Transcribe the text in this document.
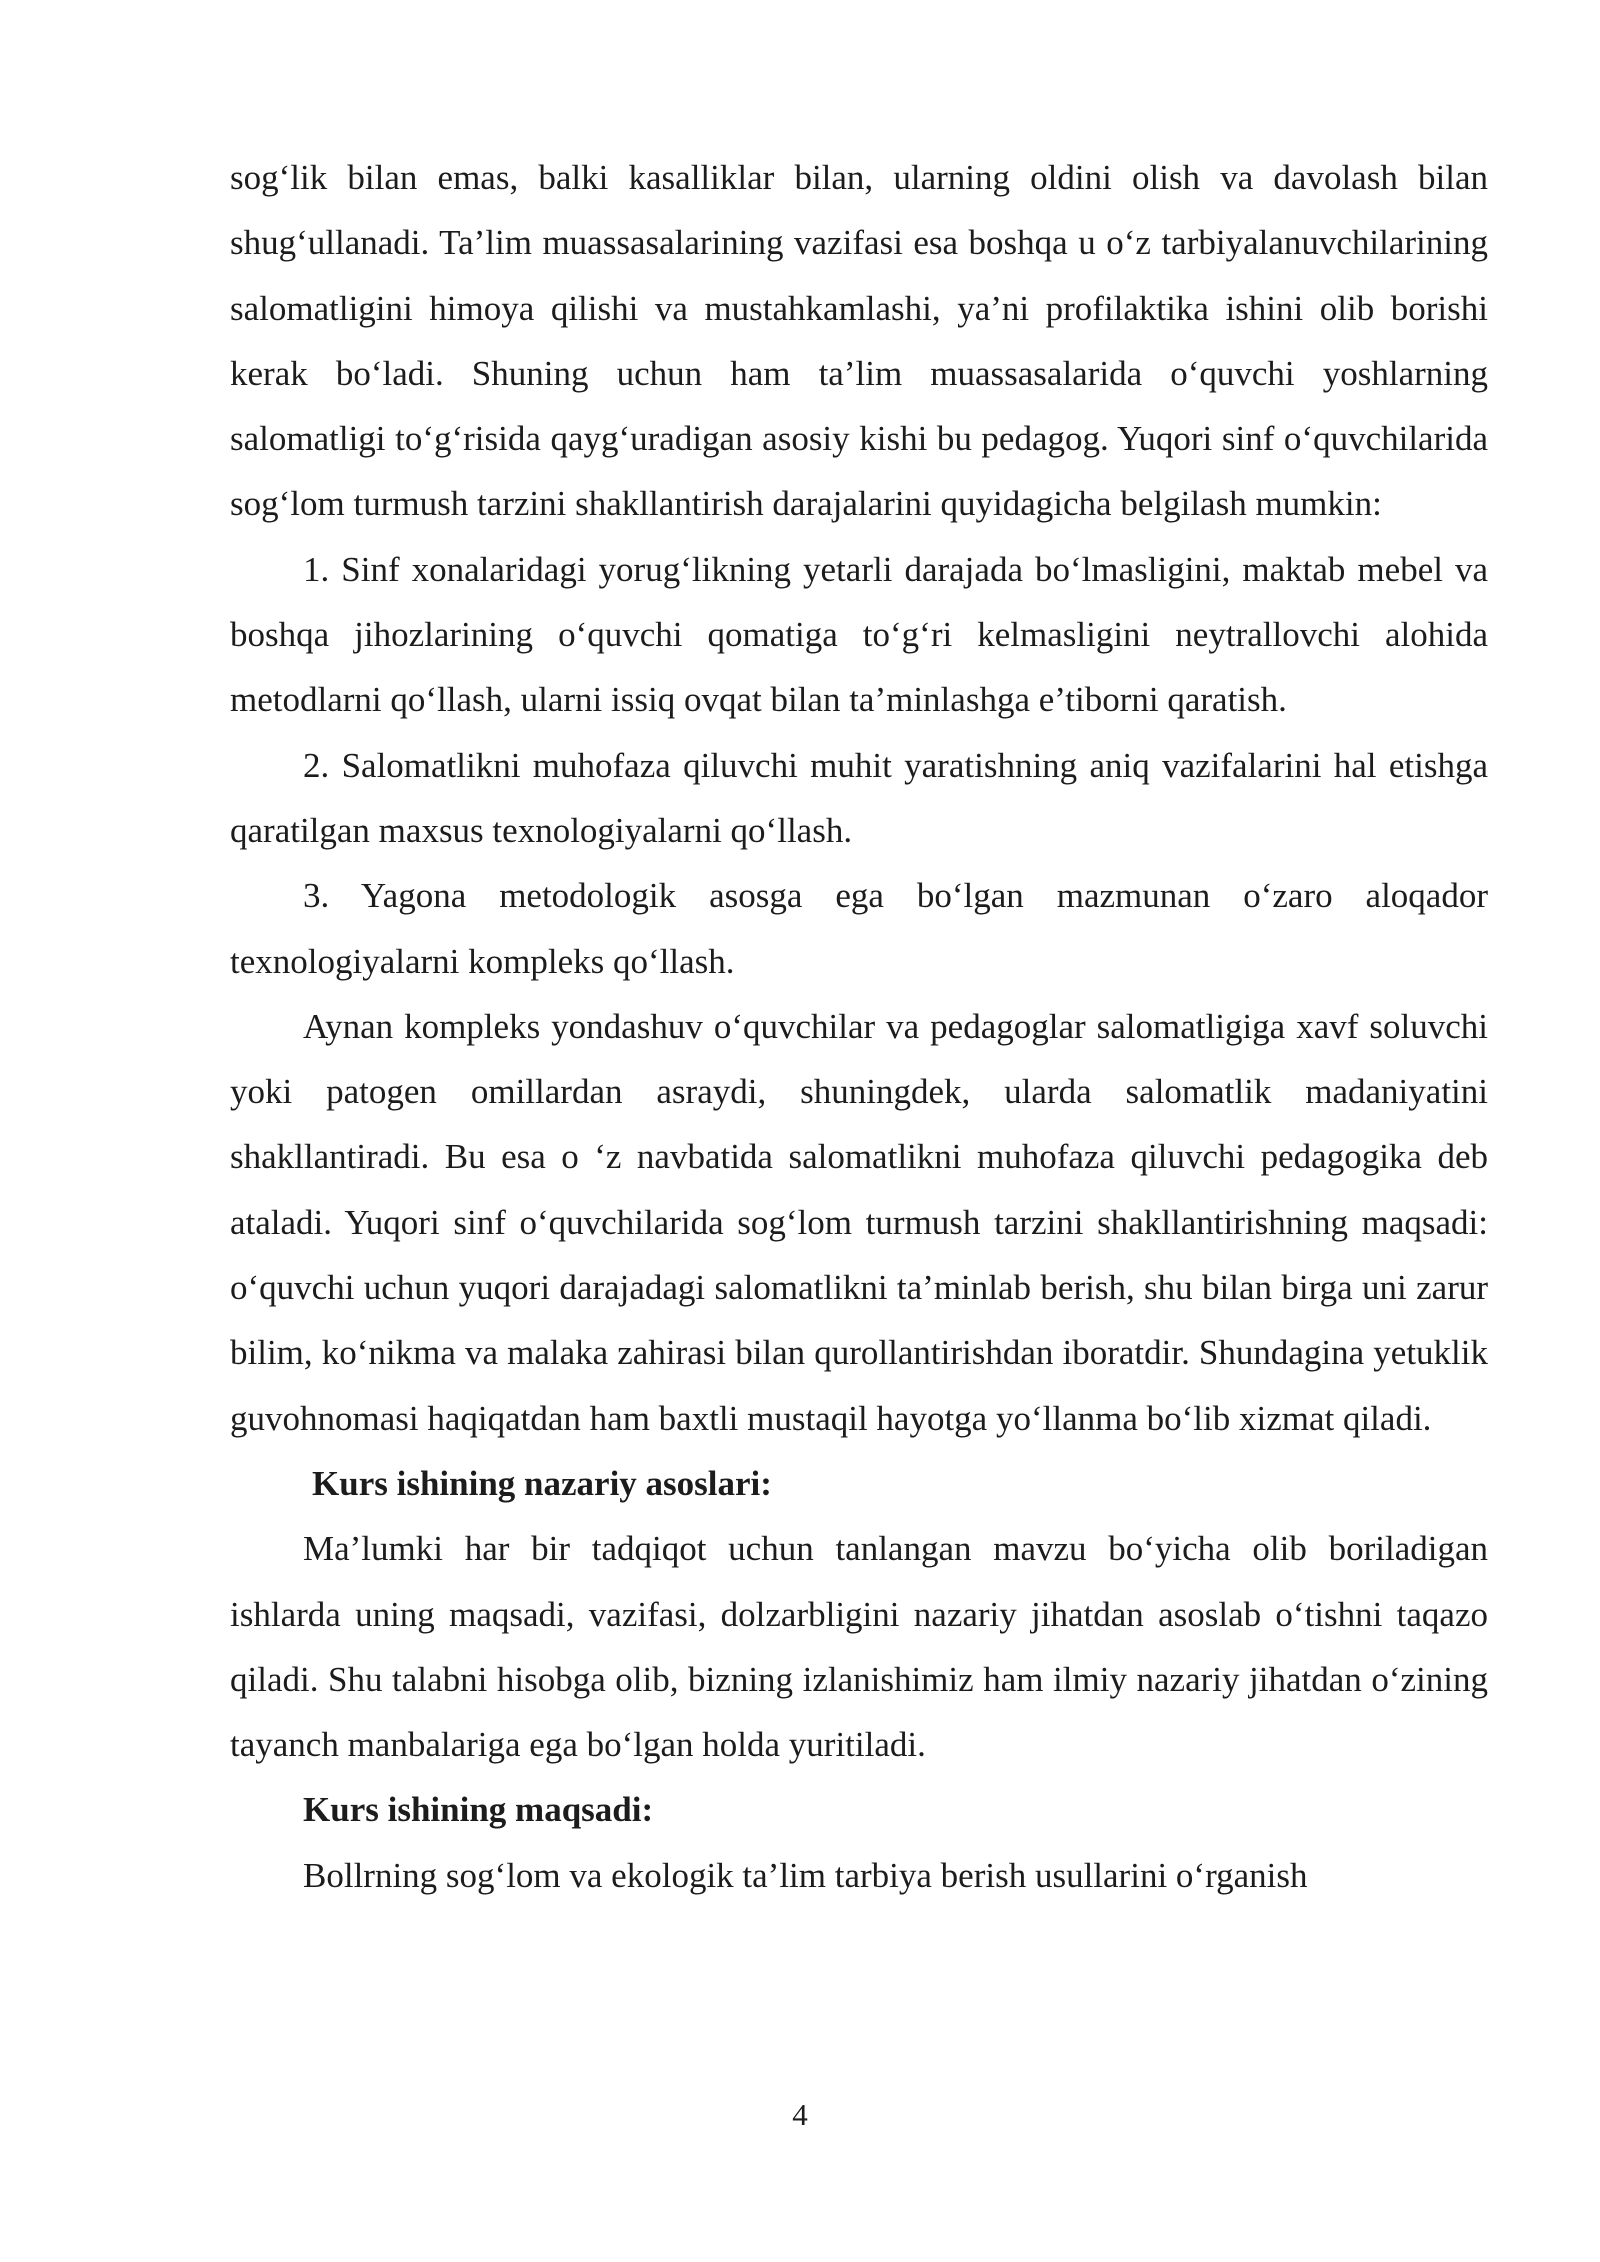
sog‘lik bilan emas, balki kasalliklar bilan, ularning oldini olish va davolash bilan shug‘ullanadi. Ta’lim muassasalarining vazifasi esa boshqa u o‘z tarbiyalanuvchilarining salomatligini himoya qilishi va mustahkamlashi, ya’ni profilaktika ishini olib borishi kerak bo‘ladi. Shuning uchun ham ta’lim muassasalarida o‘quvchi yoshlarning salomatligi to‘g‘risida qayg‘uradigan asosiy kishi bu pedagog. Yuqori sinf o‘quvchilarida sog‘lom turmush tarzini shakllantirish darajalarini quyidagicha belgilash mumkin:

1. Sinf xonalaridagi yorug‘likning yetarli darajada bo‘lmasligini, maktab mebel va boshqa jihozlarining o‘quvchi qomatiga to‘g‘ri kelmasligini neytrallovchi alohida metodlarni qo‘llash, ularni issiq ovqat bilan ta’minlashga e’tiborni qaratish.

2. Salomatlikni muhofaza qiluvchi muhit yaratishning aniq vazifalarini hal etishga qaratilgan maxsus texnologiyalarni qo‘llash.

3. Yagona metodologik asosga ega bo‘lgan mazmunan o‘zaro aloqador texnologiyalarni kompleks qo‘llash.

Aynan kompleks yondashuv o‘quvchilar va pedagoglar salomatligiga xavf soluvchi yoki patogen omillardan asraydi, shuningdek, ularda salomatlik madaniyatini shakllantiradi. Bu esa o ‘z navbatida salomatlikni muhofaza qiluvchi pedagogika deb ataladi. Yuqori sinf o‘quvchilarida sog‘lom turmush tarzini shakllantirishning maqsadi: o‘quvchi uchun yuqori darajadagi salomatlikni ta’minlab berish, shu bilan birga uni zarur bilim, ko‘nikma va malaka zahirasi bilan qurollantirishdan iboratdir. Shundagina yetuklik guvohnomasi haqiqatdan ham baxtli mustaqil hayotga yo‘llanma bo‘lib xizmat qiladi.

Kurs ishining nazariy asoslari:

Ma’lumki har bir tadqiqot uchun tanlangan mavzu bo‘yicha olib boriladigan ishlarda uning maqsadi, vazifasi, dolzarbligini nazariy jihatdan asoslab o‘tishni taqazo qiladi. Shu talabni hisobga olib, bizning izlanishimiz ham ilmiy nazariy jihatdan o‘zining tayanch manbalariga ega bo‘lgan holda yuritiladi.

Kurs ishining maqsadi:

Bollrning sog‘lom va ekologik ta’lim tarbiya berish usullarini o‘rganish

4
